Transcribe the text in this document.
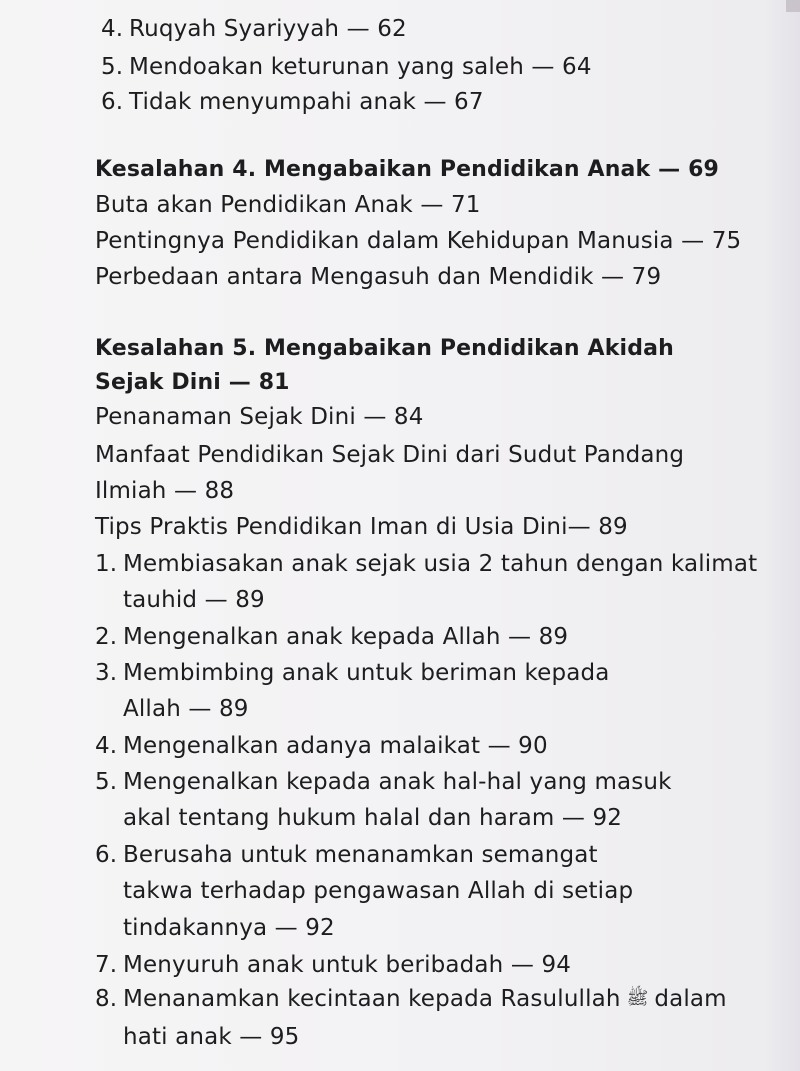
4. Ruqyah Syariyyah — 62
5. Mendoakan keturunan yang saleh — 64
6. Tidak menyumpahi anak — 67
Kesalahan 4. Mengabaikan Pendidikan Anak — 69
Buta akan Pendidikan Anak — 71
Pentingnya Pendidikan dalam Kehidupan Manusia — 75
Perbedaan antara Mengasuh dan Mendidik — 79
Kesalahan 5. Mengabaikan Pendidikan Akidah
Sejak Dini — 81
Penanaman Sejak Dini — 84
Manfaat Pendidikan Sejak Dini dari Sudut Pandang
Ilmiah — 88
Tips Praktis Pendidikan Iman di Usia Dini— 89
1. Membiasakan anak sejak usia 2 tahun dengan kalimat
tauhid — 89
2. Mengenalkan anak kepada Allah — 89
3. Membimbing anak untuk beriman kepada
Allah — 89
4. Mengenalkan adanya malaikat — 90
5. Mengenalkan kepada anak hal-hal yang masuk
akal tentang hukum halal dan haram — 92
6. Berusaha untuk menanamkan semangat
takwa terhadap pengawasan Allah di setiap
tindakannya — 92
7. Menyuruh anak untuk beribadah — 94
8. Menanamkan kecintaan kepada Rasulullah ﷺ dalam
hati anak — 95
